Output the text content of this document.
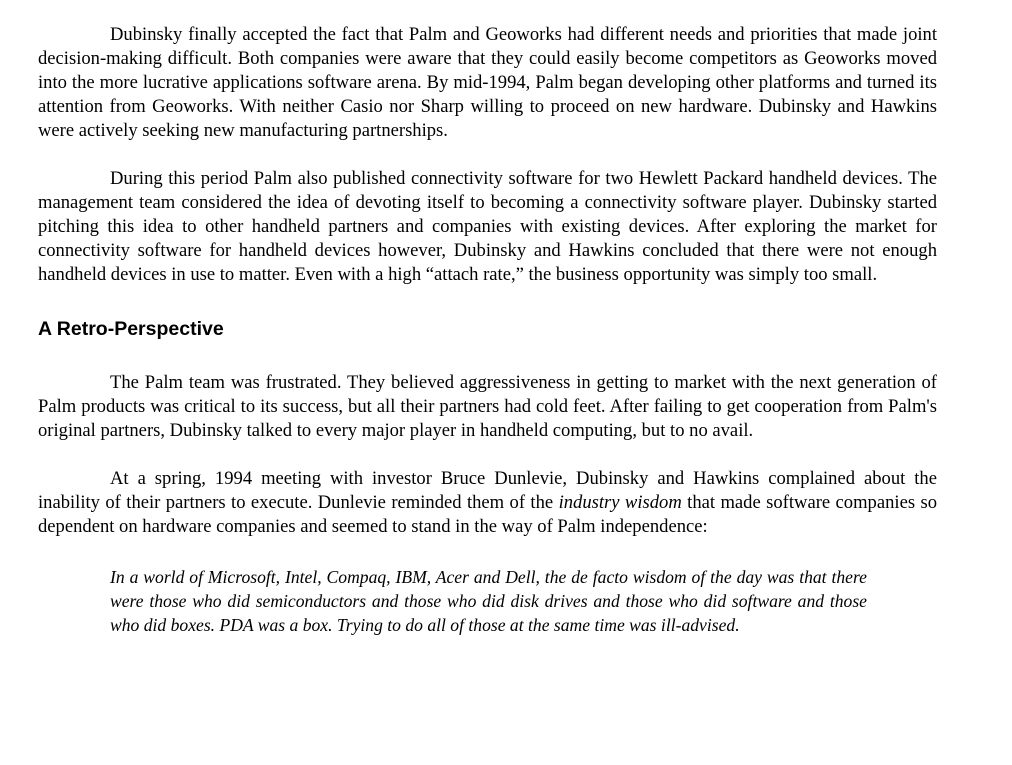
Dubinsky finally accepted the fact that Palm and Geoworks had different needs and priorities that made joint decision-making difficult. Both companies were aware that they could easily become competitors as Geoworks moved into the more lucrative applications software arena. By mid-1994, Palm began developing other platforms and turned its attention from Geoworks. With neither Casio nor Sharp willing to proceed on new hardware. Dubinsky and Hawkins were actively seeking new manufacturing partnerships.

During this period Palm also published connectivity software for two Hewlett Packard handheld devices. The management team considered the idea of devoting itself to becoming a connectivity software player. Dubinsky started pitching this idea to other handheld partners and companies with existing devices. After exploring the market for connectivity software for handheld devices however, Dubinsky and Hawkins concluded that there were not enough handheld devices in use to matter. Even with a high “attach rate,” the business opportunity was simply too small.

A Retro-Perspective

The Palm team was frustrated. They believed aggressiveness in getting to market with the next generation of Palm products was critical to its success, but all their partners had cold feet. After failing to get cooperation from Palm's original partners, Dubinsky talked to every major player in handheld computing, but to no avail.

At a spring, 1994 meeting with investor Bruce Dunlevie, Dubinsky and Hawkins complained about the inability of their partners to execute. Dunlevie reminded them of the industry wisdom that made software companies so dependent on hardware companies and seemed to stand in the way of Palm independence:

In a world of Microsoft, Intel, Compaq, IBM, Acer and Dell, the de facto wisdom of the day was that there were those who did semiconductors and those who did disk drives and those who did software and those who did boxes. PDA was a box. Trying to do all of those at the same time was ill-advised.
